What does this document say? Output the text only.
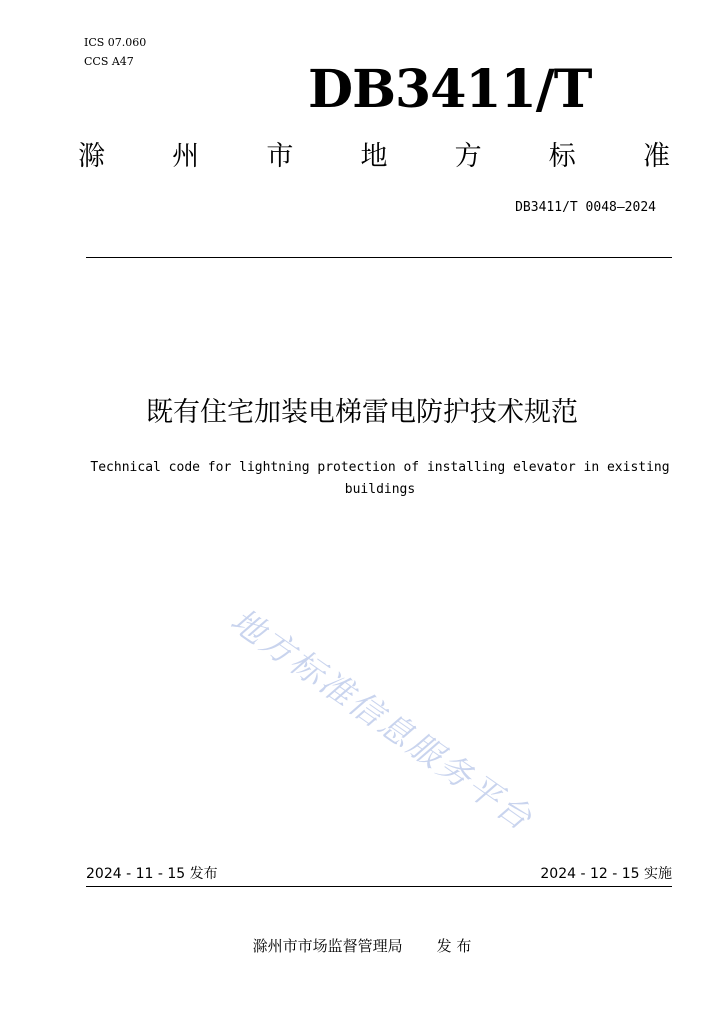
ICS 07.060
CCS A47	DB3411/T
滁 州 市 地 方 标 准
DB3411/T 0048—2024
既有住宅加装电梯雷电防护技术规范
Technical code for lightning protection of installing elevator in existing buildings
地方标准信息服务平台
2024 - 11 - 15 发布	2024 - 12 - 15 实施
滁州市市场监督管理局 发 布
